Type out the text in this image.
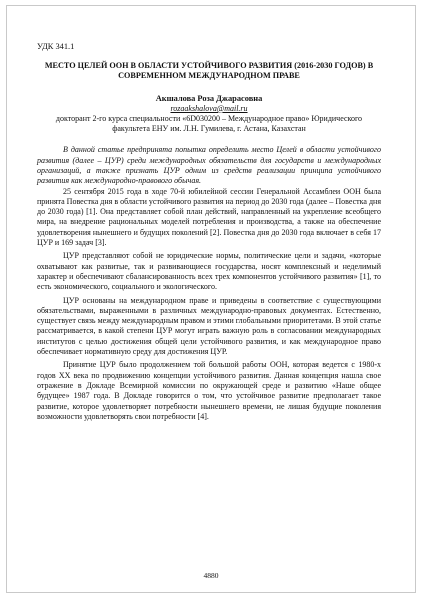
УДК 341.1

МЕСТО ЦЕЛЕЙ ООН В ОБЛАСТИ УСТОЙЧИВОГО РАЗВИТИЯ (2016-2030 ГОДОВ) В СОВРЕМЕННОМ МЕЖДУНАРОДНОМ ПРАВЕ

Акшалова Роза Джарасовна

rozaakshalova@mail.ru

докторант 2-го курса специальности «6D030200 – Международное право» Юридического факультета ЕНУ им. Л.Н. Гумилева, г. Астана, Казахстан

В данной статье предпринята попытка определить место Целей в области устойчивого развития (далее – ЦУР) среди международных обязательств для государств и международных организаций, а также признать ЦУР одним из средств реализации принципа устойчивого развития как международно-правового обычая.

25 сентября 2015 года в ходе 70-й юбилейной сессии Генеральной Ассамблеи ООН была принята Повестка дня в области устойчивого развития на период до 2030 года (далее – Повестка дня до 2030 года) [1]. Она представляет собой план действий, направленный на укрепление всеобщего мира, на внедрение рациональных моделей потребления и производства, а также на обеспечение удовлетворения нынешнего и будущих поколений [2]. Повестка дня до 2030 года включает в себя 17 ЦУР и 169 задач [3].

ЦУР представляют собой не юридические нормы, политические цели и задачи, «которые охватывают как развитые, так и развивающиеся государства, носят комплексный и неделимый характер и обеспечивают сбалансированность всех трех компонентов устойчивого развития» [1], то есть экономического, социального и экологического.

ЦУР основаны на международном праве и приведены в соответствие с существующими обязательствами, выраженными в различных международно-правовых документах. Естественно, существует связь между международным правом и этими глобальными приоритетами. В этой статье рассматривается, в какой степени ЦУР могут играть важную роль в согласовании международных институтов с целью достижения общей цели устойчивого развития, и как международное право обеспечивает нормативную среду для достижения ЦУР.

Принятие ЦУР было продолжением той большой работы ООН, которая ведется с 1980-х годов XX века по продвижению концепции устойчивого развития. Данная концепция нашла свое отражение в Докладе Всемирной комиссии по окружающей среде и развитию «Наше общее будущее» 1987 года. В Докладе говорится о том, что устойчивое развитие предполагает такое развитие, которое удовлетворяет потребности нынешнего времени, не лишая будущие поколения возможности удовлетворять свои потребности [4].

4880
